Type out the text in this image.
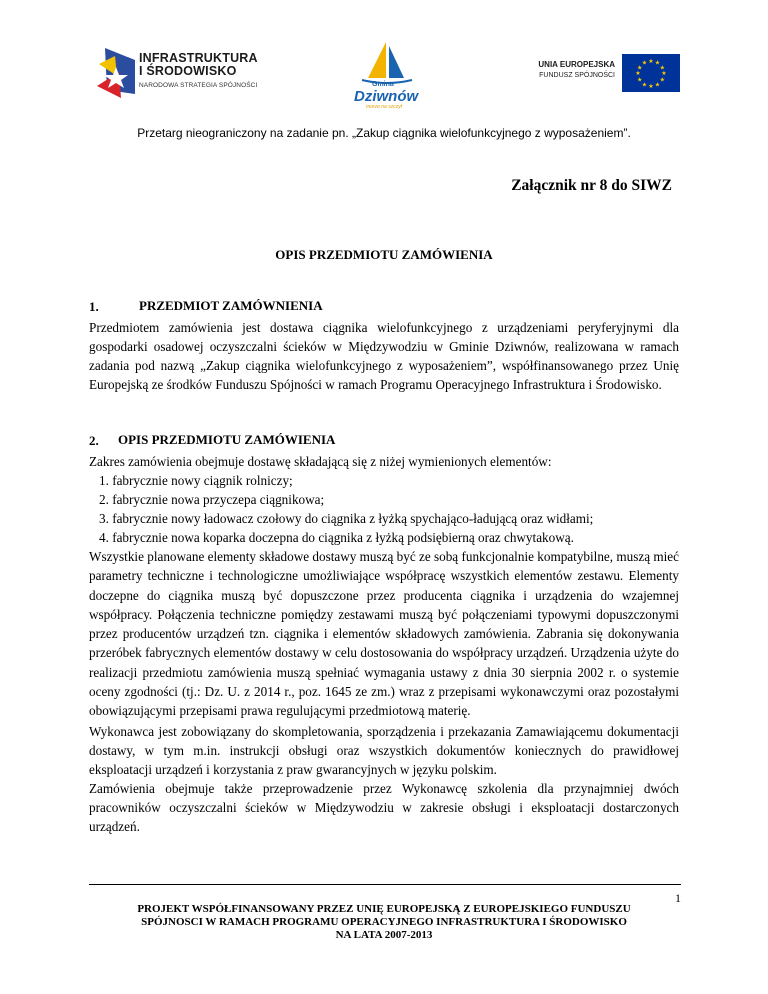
INFRASTRUKTURA
I ŚRODOWISKO
NARODOWA STRATEGIA SPÓJNOŚCI	Gmina
Dziwnów
morze na szczyt
UNIA EUROPEJSKA
FUNDUSZ SPÓJNOŚCI
★ ★
★
★
★
★
★
★
★
★
★
★
Przetarg nieograniczony na zadanie pn. „Zakup ciągnika wielofunkcyjnego z wyposażeniem”.
Załącznik nr 8 do SIWZ
OPIS PRZEDMIOTU ZAMÓWIENIA
1.	PRZEDMIOT ZAMÓWNIENIA
Przedmiotem zamówienia jest dostawa ciągnika wielofunkcyjnego z urządzeniami peryferyjnymi dla gospodarki osadowej oczyszczalni ścieków w Międzywodziu w Gminie Dziwnów, realizowana w ramach zadania pod nazwą „Zakup ciągnika wielofunkcyjnego z wyposażeniem”, współfinansowanego przez Unię Europejską ze środków Funduszu Spójności w ramach Programu Operacyjnego Infrastruktura i Środowisko.
2. OPIS PRZEDMIOTU ZAMÓWIENIA
Zakres zamówienia obejmuje dostawę składającą się z niżej wymienionych elementów:
1. fabrycznie nowy ciągnik rolniczy;
2. fabrycznie nowa przyczepa ciągnikowa;
3. fabrycznie nowy ładowacz czołowy do ciągnika z łyżką spychająco-ładującą oraz widłami;
4. fabrycznie nowa koparka doczepna do ciągnika z łyżką podsiębierną oraz chwytakową.
Wszystkie planowane elementy składowe dostawy muszą być ze sobą funkcjonalnie kompatybilne, muszą mieć parametry techniczne i technologiczne umożliwiające współpracę wszystkich elementów zestawu. Elementy doczepne do ciągnika muszą być dopuszczone przez producenta ciągnika i urządzenia do wzajemnej współpracy. Połączenia techniczne pomiędzy zestawami muszą być połączeniami typowymi dopuszczonymi przez producentów urządzeń tzn. ciągnika i elementów składowych zamówienia. Zabrania się dokonywania przeróbek fabrycznych elementów dostawy w celu dostosowania do współpracy urządzeń. Urządzenia użyte do realizacji przedmiotu zamówienia muszą spełniać wymagania ustawy z dnia 30 sierpnia 2002 r. o systemie oceny zgodności (tj.: Dz. U. z 2014 r., poz. 1645 ze zm.) wraz z przepisami wykonawczymi oraz pozostałymi obowiązującymi przepisami prawa regulującymi przedmiotową materię.
Wykonawca jest zobowiązany do skompletowania, sporządzenia i przekazania Zamawiającemu dokumentacji dostawy, w tym m.in. instrukcji obsługi oraz wszystkich dokumentów koniecznych do prawidłowej eksploatacji urządzeń i korzystania z praw gwarancyjnych w języku polskim.
Zamówienia obejmuje także przeprowadzenie przez Wykonawcę szkolenia dla przynajmniej dwóch pracowników oczyszczalni ścieków w Międzywodziu w zakresie obsługi i eksploatacji dostarczonych urządzeń.
1
PROJEKT WSPÓŁFINANSOWANY PRZEZ UNIĘ EUROPEJSKĄ Z EUROPEJSKIEGO FUNDUSZU
SPÓJNOSCI W RAMACH PROGRAMU OPERACYJNEGO INFRASTRUKTURA I ŚRODOWISKO
NA LATA 2007-2013
